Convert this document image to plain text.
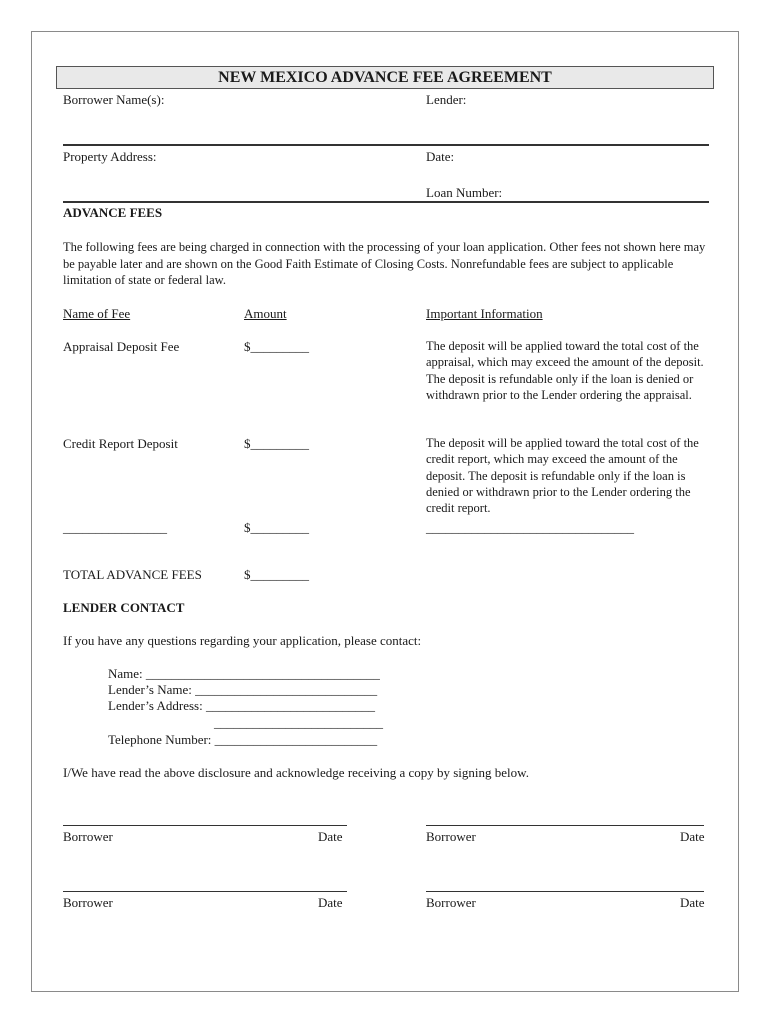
NEW MEXICO ADVANCE FEE AGREEMENT
Borrower Name(s):	Lender:
Property Address:	Date:
Loan Number:
ADVANCE FEES
The following fees are being charged in connection with the processing of your loan application. Other fees not shown here may be payable later and are shown on the Good Faith Estimate of Closing Costs. Nonrefundable fees are subject to applicable limitation of state or federal law.
Name of Fee	Amount	Important Information
Appraisal Deposit Fee	$_________	The deposit will be applied toward the total cost of the appraisal, which may exceed the amount of the deposit. The deposit is refundable only if the loan is denied or withdrawn prior to the Lender ordering the appraisal.
Credit Report Deposit	$_________	The deposit will be applied toward the total cost of the credit report, which may exceed the amount of the deposit. The deposit is refundable only if the loan is denied or withdrawn prior to the Lender ordering the credit report.
________________	$_________	________________________________
TOTAL ADVANCE FEES	$_________
LENDER CONTACT
If you have any questions regarding your application, please contact:
Name: ____________________________________
Lender’s Name: ____________________________
Lender’s Address: __________________________
__________________________
Telephone Number: _________________________
I/We have read the above disclosure and acknowledge receiving a copy by signing below.
Borrower	Date	Borrower	Date
Borrower	Date	Borrower	Date
